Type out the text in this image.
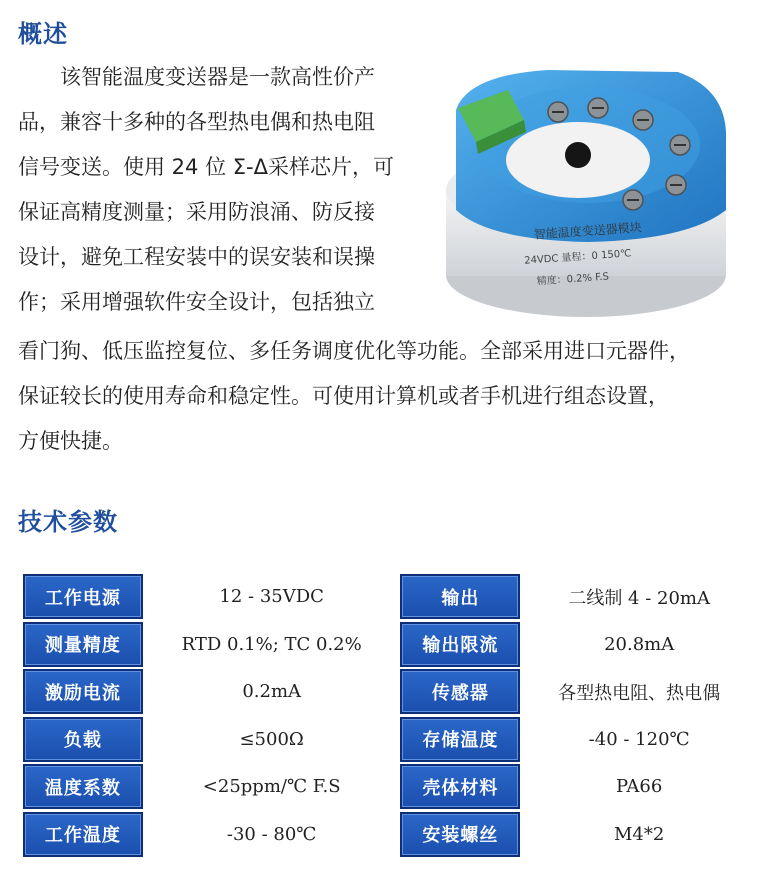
概述
　　该智能温度变送器是一款高性价产
品，兼容十多种的各型热电偶和热电阻
信号变送。使用 24 位 Σ-Δ采样芯片，可
保证高精度测量；采用防浪涌、防反接
设计，避免工程安装中的误安装和误操
作；采用增强软件安全设计，包括独立
看门狗、低压监控复位、多任务调度优化等功能。全部采用进口元器件，
保证较长的使用寿命和稳定性。可使用计算机或者手机进行组态设置，
方便快捷。
智能温度变送器模块
24VDC 量程：0 150℃
精度：0.2% F.S
技术参数
工作电源	12 - 35VDC	输出	二线制 4 - 20mA
测量精度	RTD 0.1%; TC 0.2%	输出限流	20.8mA
激励电流	0.2mA	传感器	各型热电阻、热电偶
负载	≤500Ω	存储温度	-40 - 120℃
温度系数	<25ppm/℃ F.S	壳体材料	PA66
工作温度	-30 - 80℃	安装螺丝	M4*2
